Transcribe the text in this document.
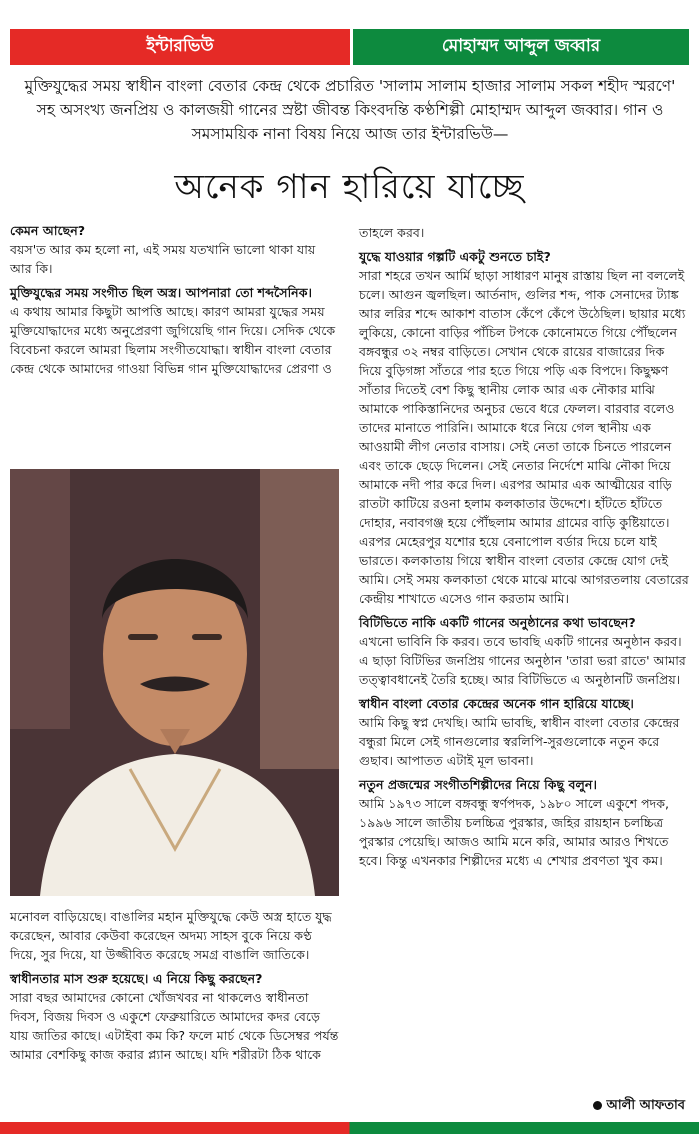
ইন্টারভিউ	মোহাম্মদ আব্দুল জব্বার
মুক্তিযুদ্ধের সময় স্বাধীন বাংলা বেতার কেন্দ্র থেকে প্রচারিত 'সালাম সালাম হাজার সালাম সকল শহীদ স্মরণে' সহ অসংখ্য জনপ্রিয় ও কালজয়ী গানের স্রষ্টা জীবন্ত কিংবদন্তি কণ্ঠশিল্পী মোহাম্মদ আব্দুল জব্বার। গান ও সমসাময়িক নানা বিষয় নিয়ে আজ তার ইন্টারভিউ—
অনেক গান হারিয়ে যাচ্ছে
কেমন আছেন?
বয়স'ত আর কম হলো না, এই সময় যতখানি ভালো থাকা যায় আর কি।
মুক্তিযুদ্ধের সময় সংগীত ছিল অস্ত্র। আপনারা তো শব্দসৈনিক।
এ কথায় আমার কিছুটা আপত্তি আছে। কারণ আমরা যুদ্ধের সময় মুক্তিযোদ্ধাদের মধ্যে অনুপ্রেরণা জুগিয়েছি গান দিয়ে। সেদিক থেকে বিবেচনা করলে আমরা ছিলাম সংগীতযোদ্ধা। স্বাধীন বাংলা বেতার কেন্দ্র থেকে আমাদের গাওয়া বিভিন্ন গান মুক্তিযোদ্ধাদের প্রেরণা ও
মনোবল বাড়িয়েছে। বাঙালির মহান মুক্তিযুদ্ধে কেউ অস্ত্র হাতে যুদ্ধ করেছেন, আবার কেউবা করেছেন অদম্য সাহস বুকে নিয়ে কণ্ঠ দিয়ে, সুর দিয়ে, যা উজ্জীবিত করেছে সমগ্র বাঙালি জাতিকে।
স্বাধীনতার মাস শুরু হয়েছে। এ নিয়ে কিছু করছেন?
সারা বছর আমাদের কোনো খোঁজখবর না থাকলেও স্বাধীনতা দিবস, বিজয় দিবস ও একুশে ফেব্রুয়ারিতে আমাদের কদর বেড়ে যায় জাতির কাছে। এটাইবা কম কি? ফলে মার্চ থেকে ডিসেম্বর পর্যন্ত আমার বেশকিছু কাজ করার প্ল্যান আছে। যদি শরীরটা ঠিক থাকে
তাহলে করব।
যুদ্ধে যাওয়ার গল্পটি একটু শুনতে চাই?
সারা শহরে তখন আর্মি ছাড়া সাধারণ মানুষ রাস্তায় ছিল না বললেই চলে। আগুন জ্বলছিল। আর্তনাদ, গুলির শব্দ, পাক সেনাদের ট্যাঙ্ক আর লরির শব্দে আকাশ বাতাস কেঁপে কেঁপে উঠেছিল। ছায়ার মধ্যে লুকিয়ে, কোনো বাড়ির পাঁচিল টপকে কোনোমতে গিয়ে পৌঁছলেন বঙ্গবন্ধুর ৩২ নম্বর বাড়িতে। সেখান থেকে রায়ের বাজারের দিক দিয়ে বুড়িগঙ্গা সাঁতরে পার হতে গিয়ে পড়ি এক বিপদে। কিছুক্ষণ সাঁতার দিতেই বেশ কিছু স্থানীয় লোক আর এক নৌকার মাঝি আমাকে পাকিস্তানিদের অনুচর ভেবে ধরে ফেলল। বারবার বলেও তাদের মানাতে পারিনি। আমাকে ধরে নিয়ে গেল স্থানীয় এক আওয়ামী লীগ নেতার বাসায়। সেই নেতা তাকে চিনতে পারলেন এবং তাকে ছেড়ে দিলেন। সেই নেতার নির্দেশে মাঝি নৌকা দিয়ে আমাকে নদী পার করে দিল। এরপর আমার এক আত্মীয়ের বাড়ি রাতটা কাটিয়ে রওনা হলাম কলকাতার উদ্দেশে। হাঁটতে হাঁটতে দোহার, নবাবগঞ্জ হয়ে পৌঁছলাম আমার গ্রামের বাড়ি কুষ্টিয়াতে। এরপর মেহেরপুর যশোর হয়ে বেনাপোল বর্ডার দিয়ে চলে যাই ভারতে। কলকাতায় গিয়ে স্বাধীন বাংলা বেতার কেন্দ্রে যোগ দেই আমি। সেই সময় কলকাতা থেকে মাঝে মাঝে আগরতলায় বেতারের কেন্দ্রীয় শাখাতে এসেও গান করতাম আমি।
বিটিভিতে নাকি একটি গানের অনুষ্ঠানের কথা ভাবছেন?
এখনো ভাবিনি কি করব। তবে ভাবছি একটি গানের অনুষ্ঠান করব। এ ছাড়া বিটিভির জনপ্রিয় গানের অনুষ্ঠান 'তারা ভরা রাতে' আমার তত্ত্বাবধানেই তৈরি হচ্ছে। আর বিটিভিতে এ অনুষ্ঠানটি জনপ্রিয়।
স্বাধীন বাংলা বেতার কেন্দ্রের অনেক গান হারিয়ে যাচ্ছে।
আমি কিছু স্বপ্ন দেখছি। আমি ভাবছি, স্বাধীন বাংলা বেতার কেন্দ্রের বন্ধুরা মিলে সেই গানগুলোর স্বরলিপি-সুরগুলোকে নতুন করে গুছাব। আপাতত এটাই মূল ভাবনা।
নতুন প্রজন্মের সংগীতশিল্পীদের নিয়ে কিছু বলুন।
আমি ১৯৭৩ সালে বঙ্গবন্ধু স্বর্ণপদক, ১৯৮০ সালে একুশে পদক, ১৯৯৬ সালে জাতীয় চলচ্চিত্র পুরস্কার, জহির রায়হান চলচ্চিত্র পুরস্কার পেয়েছি। আজও আমি মনে করি, আমার আরও শিখতে হবে। কিন্তু এখনকার শিল্পীদের মধ্যে এ শেখার প্রবণতা খুব কম।
আলী আফতাব
